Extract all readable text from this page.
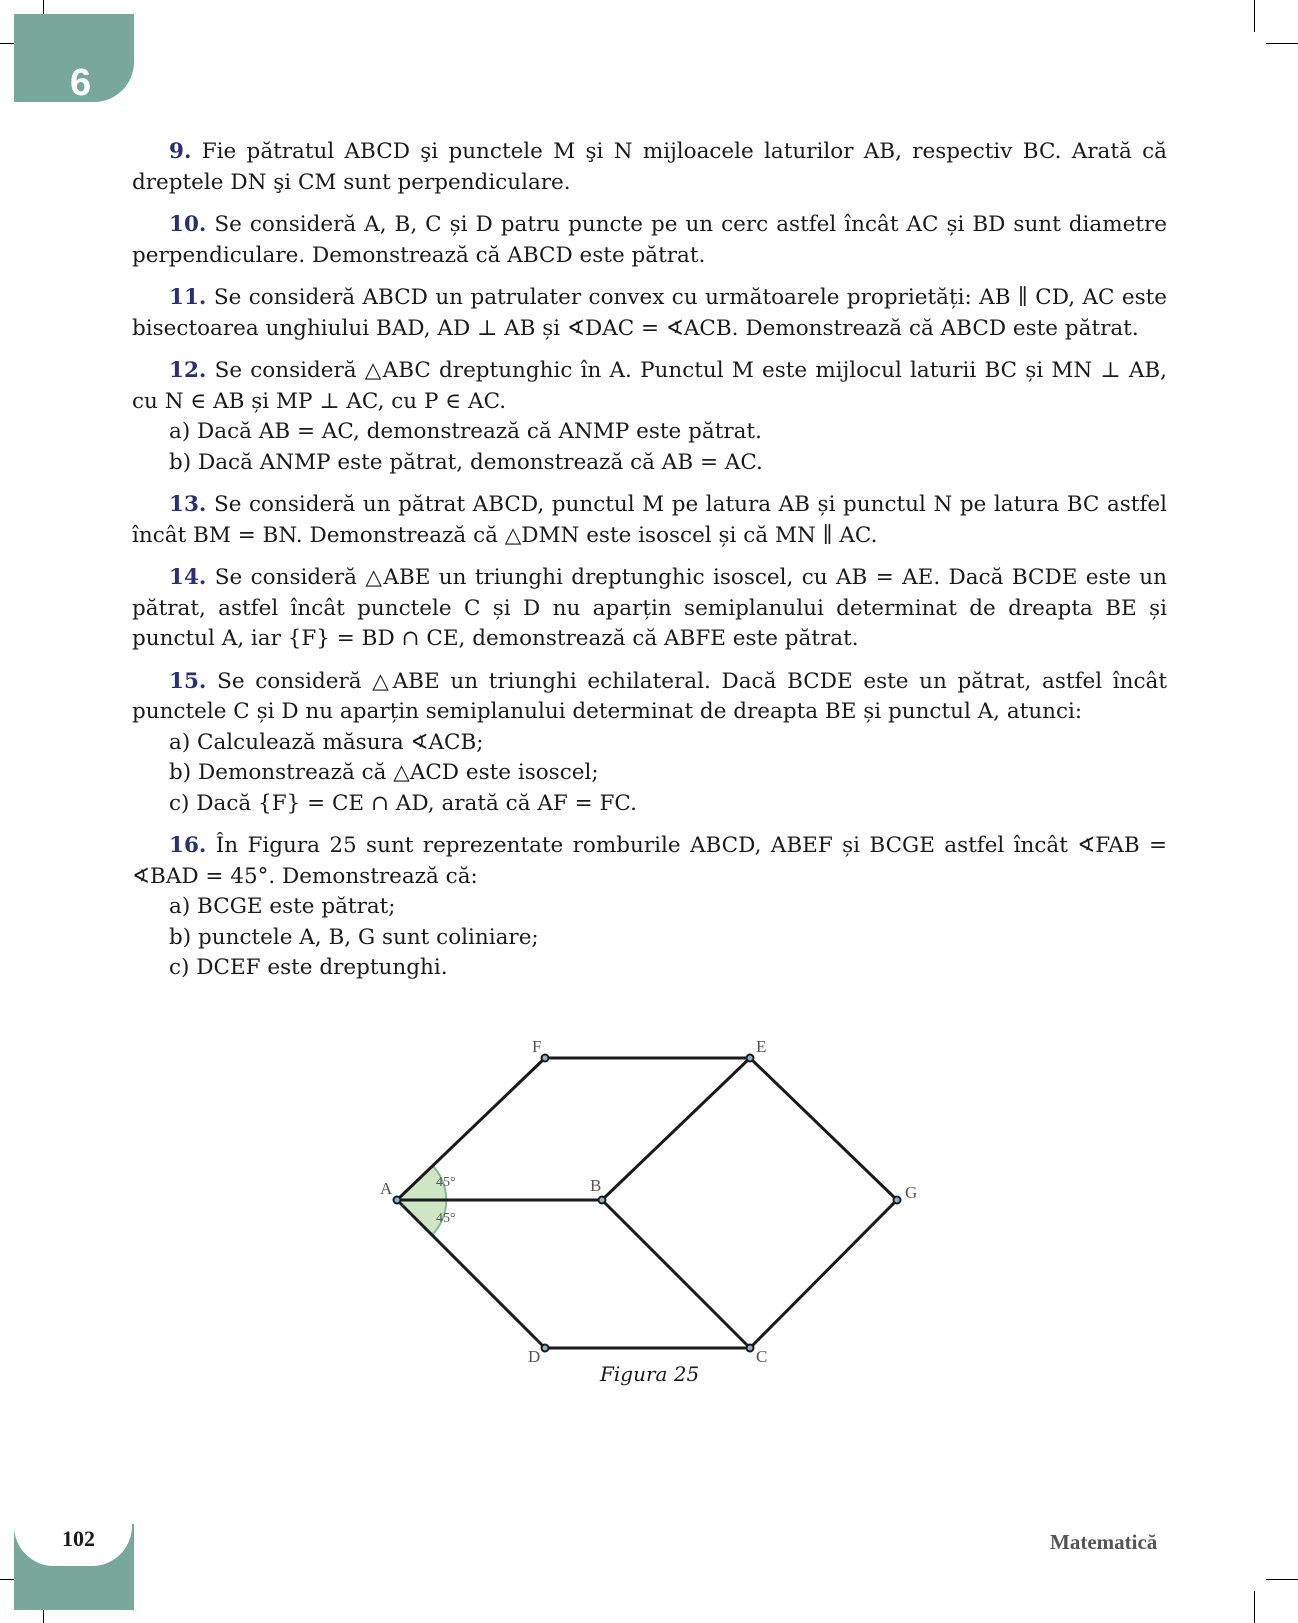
6

9. Fie pătratul ABCD şi punctele M şi N mijloacele laturilor AB, respectiv BC. Arată că dreptele DN şi CM sunt perpendiculare.

10. Se consideră A, B, C și D patru puncte pe un cerc astfel încât AC și BD sunt diametre perpendiculare. Demonstrează că ABCD este pătrat.

11. Se consideră ABCD un patrulater convex cu următoarele proprietăți: AB ∥ CD, AC este bisectoarea unghiului BAD, AD ⊥ AB și ∢DAC = ∢ACB. Demonstrează că ABCD este pătrat.

12. Se consideră △ABC dreptunghic în A. Punctul M este mijlocul laturii BC și MN ⊥ AB, cu N ∈ AB și MP ⊥ AC, cu P ∈ AC.

a) Dacă AB = AC, demonstrează că ANMP este pătrat.
b) Dacă ANMP este pătrat, demonstrează că AB = AC.

13. Se consideră un pătrat ABCD, punctul M pe latura AB și punctul N pe latura BC astfel încât BM = BN. Demonstrează că △DMN este isoscel și că MN ∥ AC.

14. Se consideră △ABE un triunghi dreptunghic isoscel, cu AB = AE. Dacă BCDE este un pătrat, astfel încât punctele C și D nu aparțin semiplanului determinat de dreapta BE și punctul A, iar {F} = BD ∩ CE, demonstrează că ABFE este pătrat.

15. Se consideră △ABE un triunghi echilateral. Dacă BCDE este un pătrat, astfel încât punctele C și D nu aparțin semiplanului determinat de dreapta BE și punctul A, atunci:

a) Calculează măsura ∢ACB;
b) Demonstrează că △ACD este isoscel;
c) Dacă {F} = CE ∩ AD, arată că AF = FC.

16. În Figura 25 sunt reprezentate romburile ABCD, ABEF și BCGE astfel încât ∢FAB = ∢BAD = 45°. Demonstrează că:

a) BCGE este pătrat;
b) punctele A, B, G sunt coliniare;
c) DCEF este dreptunghi.
A	B
C
D
E
F
G
45°
45°
Figura 25
102	Matematică
